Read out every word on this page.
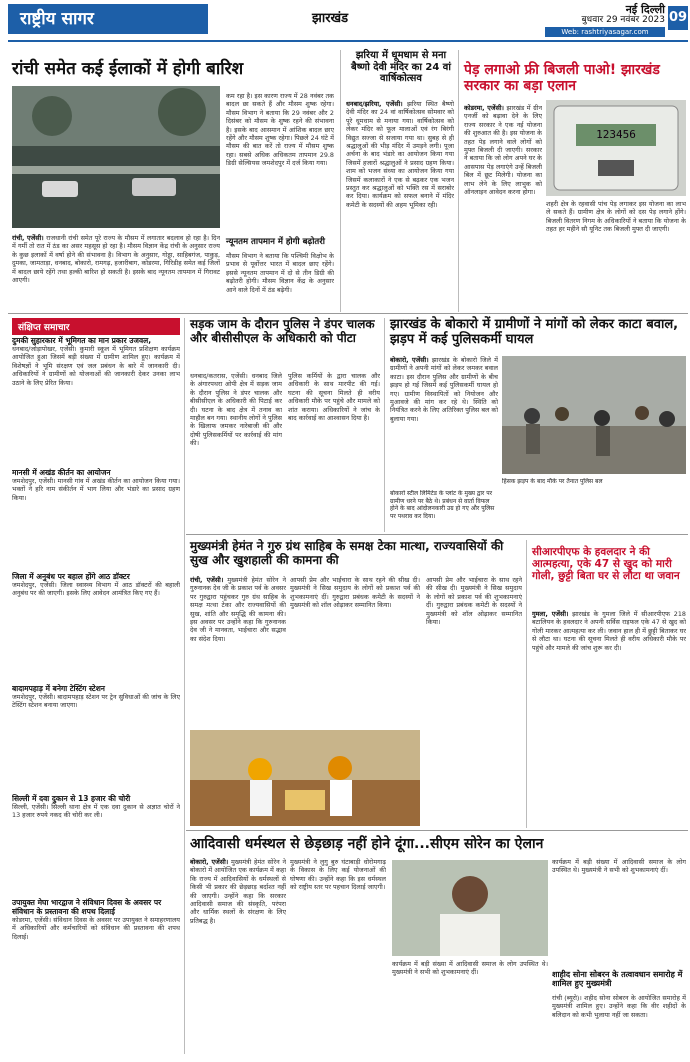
राष्ट्रीय सागर	झारखंड
नई दिल्ली
बुधवार 29 नवंबर 2023
Web: rashtriyasagar.com
09
रांची समेत कई ईलाकों में होगी बारिश
रांची, एजेंसी। राजधानी रांची समेत पूरे राज्य के मौसम में लगातार बदलाव हो रहा है। दिन में गर्मी तो रात में ठंड का असर महसूस हो रहा है। मौसम विज्ञान केंद्र रांची के अनुसार राज्य के कुछ इलाकों में वर्षा होने की संभावना है। विभाग के अनुसार, गोड्डा, साहिबगंज, पाकुड़, दुमका, जामताड़ा, धनबाद, बोकारो, रामगढ़, हजारीबाग, कोडरमा, गिरिडीह समेत कई जिलों में बादल छाये रहेंगे तथा हल्की बारिश हो सकती है। इसके बाद न्यूनतम तापमान में गिरावट आएगी।
कम रहा है। इस कारण राज्य में 28 नवंबर तक बादल छा सकते हैं और मौसम शुष्क रहेगा। मौसम विभाग ने बताया कि 29 नवंबर और 2 दिसंबर को मौसम के शुष्क रहने की संभावना है। इसके बाद आसमान में आंशिक बादल छाए रहेंगे और मौसम शुष्क रहेगा। पिछले 24 घंटे में मौसम की बात करें तो राज्य में मौसम शुष्क रहा। सबसे अधिक अधिकतम तापमान 29.8 डिग्री सेल्सियस जमशेदपुर में दर्ज किया गया।
न्यूनतम तापमान में होगी बढ़ोतरी
मौसम विभाग ने बताया कि पश्चिमी विक्षोभ के प्रभाव से पूर्वोत्तर भारत में बादल छाए रहेंगे। इससे न्यूनतम तापमान में दो से तीन डिग्री की बढ़ोतरी होगी। मौसम विज्ञान केंद्र के अनुसार आने वाले दिनों में ठंड बढ़ेगी।
झरिया में धूमधाम से मना बैष्णो देवी मंदिर का 24 वां वार्षिकोत्सव
धनबाद/झरिया, एजेंसी। झरिया स्थित बैष्णो देवी मंदिर का 24 वां वार्षिकोत्सव सोमवार को पूरे धूमधाम से मनाया गया। वार्षिकोत्सव को लेकर मंदिर को फूल मालाओं एवं रंग बिरंगी विद्युत सज्जा से सजाया गया था। सुबह से ही श्रद्धालुओं की भीड़ मंदिर में उमड़ने लगी। पूजा अर्चना के बाद भंडारे का आयोजन किया गया जिसमें हजारों श्रद्धालुओं ने प्रसाद ग्रहण किया। शाम को भजन संध्या का आयोजन किया गया जिसमें कलाकारों ने एक से बढ़कर एक भजन प्रस्तुत कर श्रद्धालुओं को भक्ति रस में सराबोर कर दिया। कार्यक्रम को सफल बनाने में मंदिर कमेटी के सदस्यों की अहम भूमिका रही।
पेड़ लगाओ फ्री बिजली पाओ! झारखंड सरकार का बड़ा एलान
कोडरमा, एजेंसी। झारखंड में ग्रीन एनर्जी को बढ़ावा देने के लिए राज्य सरकार ने एक नई योजना की शुरुआत की है। इस योजना के तहत पेड़ लगाने वाले लोगों को मुफ्त बिजली दी जाएगी। सरकार ने बताया कि जो लोग अपने घर के आसपास पेड़ लगाएंगे उन्हें बिजली बिल में छूट मिलेगी। योजना का लाभ लेने के लिए लाभुक को ऑनलाइन आवेदन करना होगा।
123456
शहरी क्षेत्र के रहवासी पांच पेड़ लगाकर इस योजना का लाभ ले सकते हैं। ग्रामीण क्षेत्र के लोगों को दस पेड़ लगाने होंगे। बिजली वितरण निगम के अधिकारियों ने बताया कि योजना के तहत हर महीने सौ यूनिट तक बिजली मुफ्त दी जाएगी।
संक्षिप्त समाचार
दुमकी सुहारकार में भूमिगत का मान प्रकार उजवल,
धनबाद/जोड़ापोखर, एजेंसी। कुमारी स्कूल में भूमिगत प्रशिक्षण कार्यक्रम आयोजित हुआ जिसमें बड़ी संख्या में ग्रामीण शामिल हुए। कार्यक्रम में विशेषज्ञों ने भूमि संरक्षण एवं जल प्रबंधन के बारे में जानकारी दी। अधिकारियों ने ग्रामीणों को योजनाओं की जानकारी देकर उनका लाभ उठाने के लिए प्रेरित किया।
मानसी में अखंड कीर्तन का आयोजन
जमशेदपुर, एजेंसी। मानसी गांव में अखंड कीर्तन का आयोजन किया गया। भक्तों ने हरि नाम संकीर्तन में भाग लिया और भंडारे का प्रसाद ग्रहण किया।
जिला में अनुबंध पर बहाल होंगे आठ डॉक्टर
जमशेदपुर, एजेंसी। जिला स्वास्थ्य विभाग में आठ डॉक्टरों की बहाली अनुबंध पर की जाएगी। इसके लिए आवेदन आमंत्रित किए गए हैं।
बादामपहाड़ में बनेगा टेस्टिंग स्टेशन
जमशेदपुर, एजेंसी। बादामपहाड़ स्टेशन पर ट्रेन सुविधाओं की जांच के लिए टेस्टिंग स्टेशन बनाया जाएगा।
सिल्ली में दवा दुकान से 13 हजार की चोरी
सिल्ली, एजेंसी। सिल्ली थाना क्षेत्र में एक दवा दुकान से अज्ञात चोरों ने 13 हजार रुपये नकद की चोरी कर ली।
उपायुक्त मेघा भारद्वाज ने संविधान दिवस के अवसर पर संविधान के प्रस्तावना की शपथ दिलाई
कोडरमा, एजेंसी। संविधान दिवस के अवसर पर उपायुक्त ने समाहरणालय में अधिकारियों और कर्मचारियों को संविधान की प्रस्तावना की शपथ दिलाई।
सड़क जाम के दौरान पुलिस ने डंपर चालक और बीसीसीएल के अधिकारी को पीटा
धनबाद/कतरास, एजेंसी। धनबाद जिले के अंगारपथरा ओपी क्षेत्र में सड़क जाम के दौरान पुलिस ने डंपर चालक और बीसीसीएल के अधिकारी की पिटाई कर दी। घटना के बाद क्षेत्र में तनाव का माहौल बन गया। स्थानीय लोगों ने पुलिस के खिलाफ जमकर नारेबाजी की और दोषी पुलिसकर्मियों पर कार्रवाई की मांग की।
पुलिस कर्मियों के द्वारा चालक और अधिकारी के साथ मारपीट की गई। घटना की सूचना मिलते ही वरीय अधिकारी मौके पर पहुंचे और मामले को शांत कराया। अधिकारियों ने जांच के बाद कार्रवाई का आश्वासन दिया है।
झारखंड के बोकारो में ग्रामीणों ने मांगों को लेकर काटा बवाल, झड़प में कई पुलिसकर्मी घायल
बोकारो, एजेंसी। झारखंड के बोकारो जिले में ग्रामीणों ने अपनी मांगों को लेकर जमकर बवाल काटा। इस दौरान पुलिस और ग्रामीणों के बीच झड़प हो गई जिसमें कई पुलिसकर्मी घायल हो गए। ग्रामीण विस्थापितों को नियोजन और मुआवजे की मांग कर रहे थे। स्थिति को नियंत्रित करने के लिए अतिरिक्त पुलिस बल को बुलाया गया।
बोकारो स्टील लिमिटेड के प्लांट के मुख्य द्वार पर ग्रामीण धरने पर बैठे थे। प्रबंधन से वार्ता विफल होने के बाद आंदोलनकारी उग्र हो गए और पुलिस पर पथराव कर दिया।
हिंसक झड़प के बाद मौके पर तैनात पुलिस बल
मुख्यमंत्री हेमंत ने गुरु ग्रंथ साहिब के समक्ष टेका मात्था, राज्यवासियों की सुख और खुशहाली की कामना की
रांची, एजेंसी। मुख्यमंत्री हेमंत सोरेन ने गुरुनानक देव जी के प्रकाश पर्व के अवसर पर गुरुद्वारा पहुंचकर गुरु ग्रंथ साहिब के समक्ष मत्था टेका और राज्यवासियों की सुख, शांति और समृद्धि की कामना की। इस अवसर पर उन्होंने कहा कि गुरुनानक देव जी ने मानवता, भाईचारा और सद्भाव का संदेश दिया।
आपसी प्रेम और भाईचारा के साथ रहने की सीख दी। मुख्यमंत्री ने सिख समुदाय के लोगों को प्रकाश पर्व की शुभकामनाएं दीं। गुरुद्वारा प्रबंधक कमेटी के सदस्यों ने मुख्यमंत्री को शॉल ओढ़ाकर सम्मानित किया।
आपसी प्रेम और भाईचारा के साथ रहने की सीख दी। मुख्यमंत्री ने सिख समुदाय के लोगों को प्रकाश पर्व की शुभकामनाएं दीं। गुरुद्वारा प्रबंधक कमेटी के सदस्यों ने मुख्यमंत्री को शॉल ओढ़ाकर सम्मानित किया।
सीआरपीएफ के हवलदार ने की आत्महत्या, एके 47 से खुद को मारी गोली, छुट्टी बिता घर से लौटा था जवान
गुमला, एजेंसी। झारखंड के गुमला जिले में सीआरपीएफ 218 बटालियन के हवलदार ने अपनी सर्विस राइफल एके 47 से खुद को गोली मारकर आत्महत्या कर ली। जवान हाल ही में छुट्टी बिताकर घर से लौटा था। घटना की सूचना मिलते ही वरीय अधिकारी मौके पर पहुंचे और मामले की जांच शुरू कर दी।
आदिवासी धर्मस्थल से छेड़छाड़ नहीं होने दूंगा...सीएम सोरेन का ऐलान
बोकारो, एजेंसी। मुख्यमंत्री हेमंत सोरेन ने बोकारो में आयोजित एक कार्यक्रम में कहा कि राज्य में आदिवासियों के धर्मस्थलों से किसी भी प्रकार की छेड़छाड़ बर्दाश्त नहीं की जाएगी। उन्होंने कहा कि सरकार आदिवासी समाज की संस्कृति, परंपरा और धार्मिक स्थलों के संरक्षण के लिए प्रतिबद्ध है।
मुख्यमंत्री ने लुगु बुरु घंटाबाड़ी धोरोमगाढ़ के विकास के लिए कई योजनाओं की घोषणा की। उन्होंने कहा कि इस धर्मस्थल को राष्ट्रीय स्तर पर पहचान दिलाई जाएगी।
कार्यक्रम में बड़ी संख्या में आदिवासी समाज के लोग उपस्थित थे। मुख्यमंत्री ने सभी को शुभकामनाएं दीं।
कार्यक्रम में बड़ी संख्या में आदिवासी समाज के लोग उपस्थित थे। मुख्यमंत्री ने सभी को शुभकामनाएं दीं।
शाहीद सोना सोबरन के तत्वावधान समारोह में शामिल हुए मुख्यमंत्री
रांची (ब्यूरो)। शहीद सोना सोबरन के आयोजित समारोह में मुख्यमंत्री शामिल हुए। उन्होंने कहा कि वीर शहीदों के बलिदान को कभी भुलाया नहीं जा सकता।
